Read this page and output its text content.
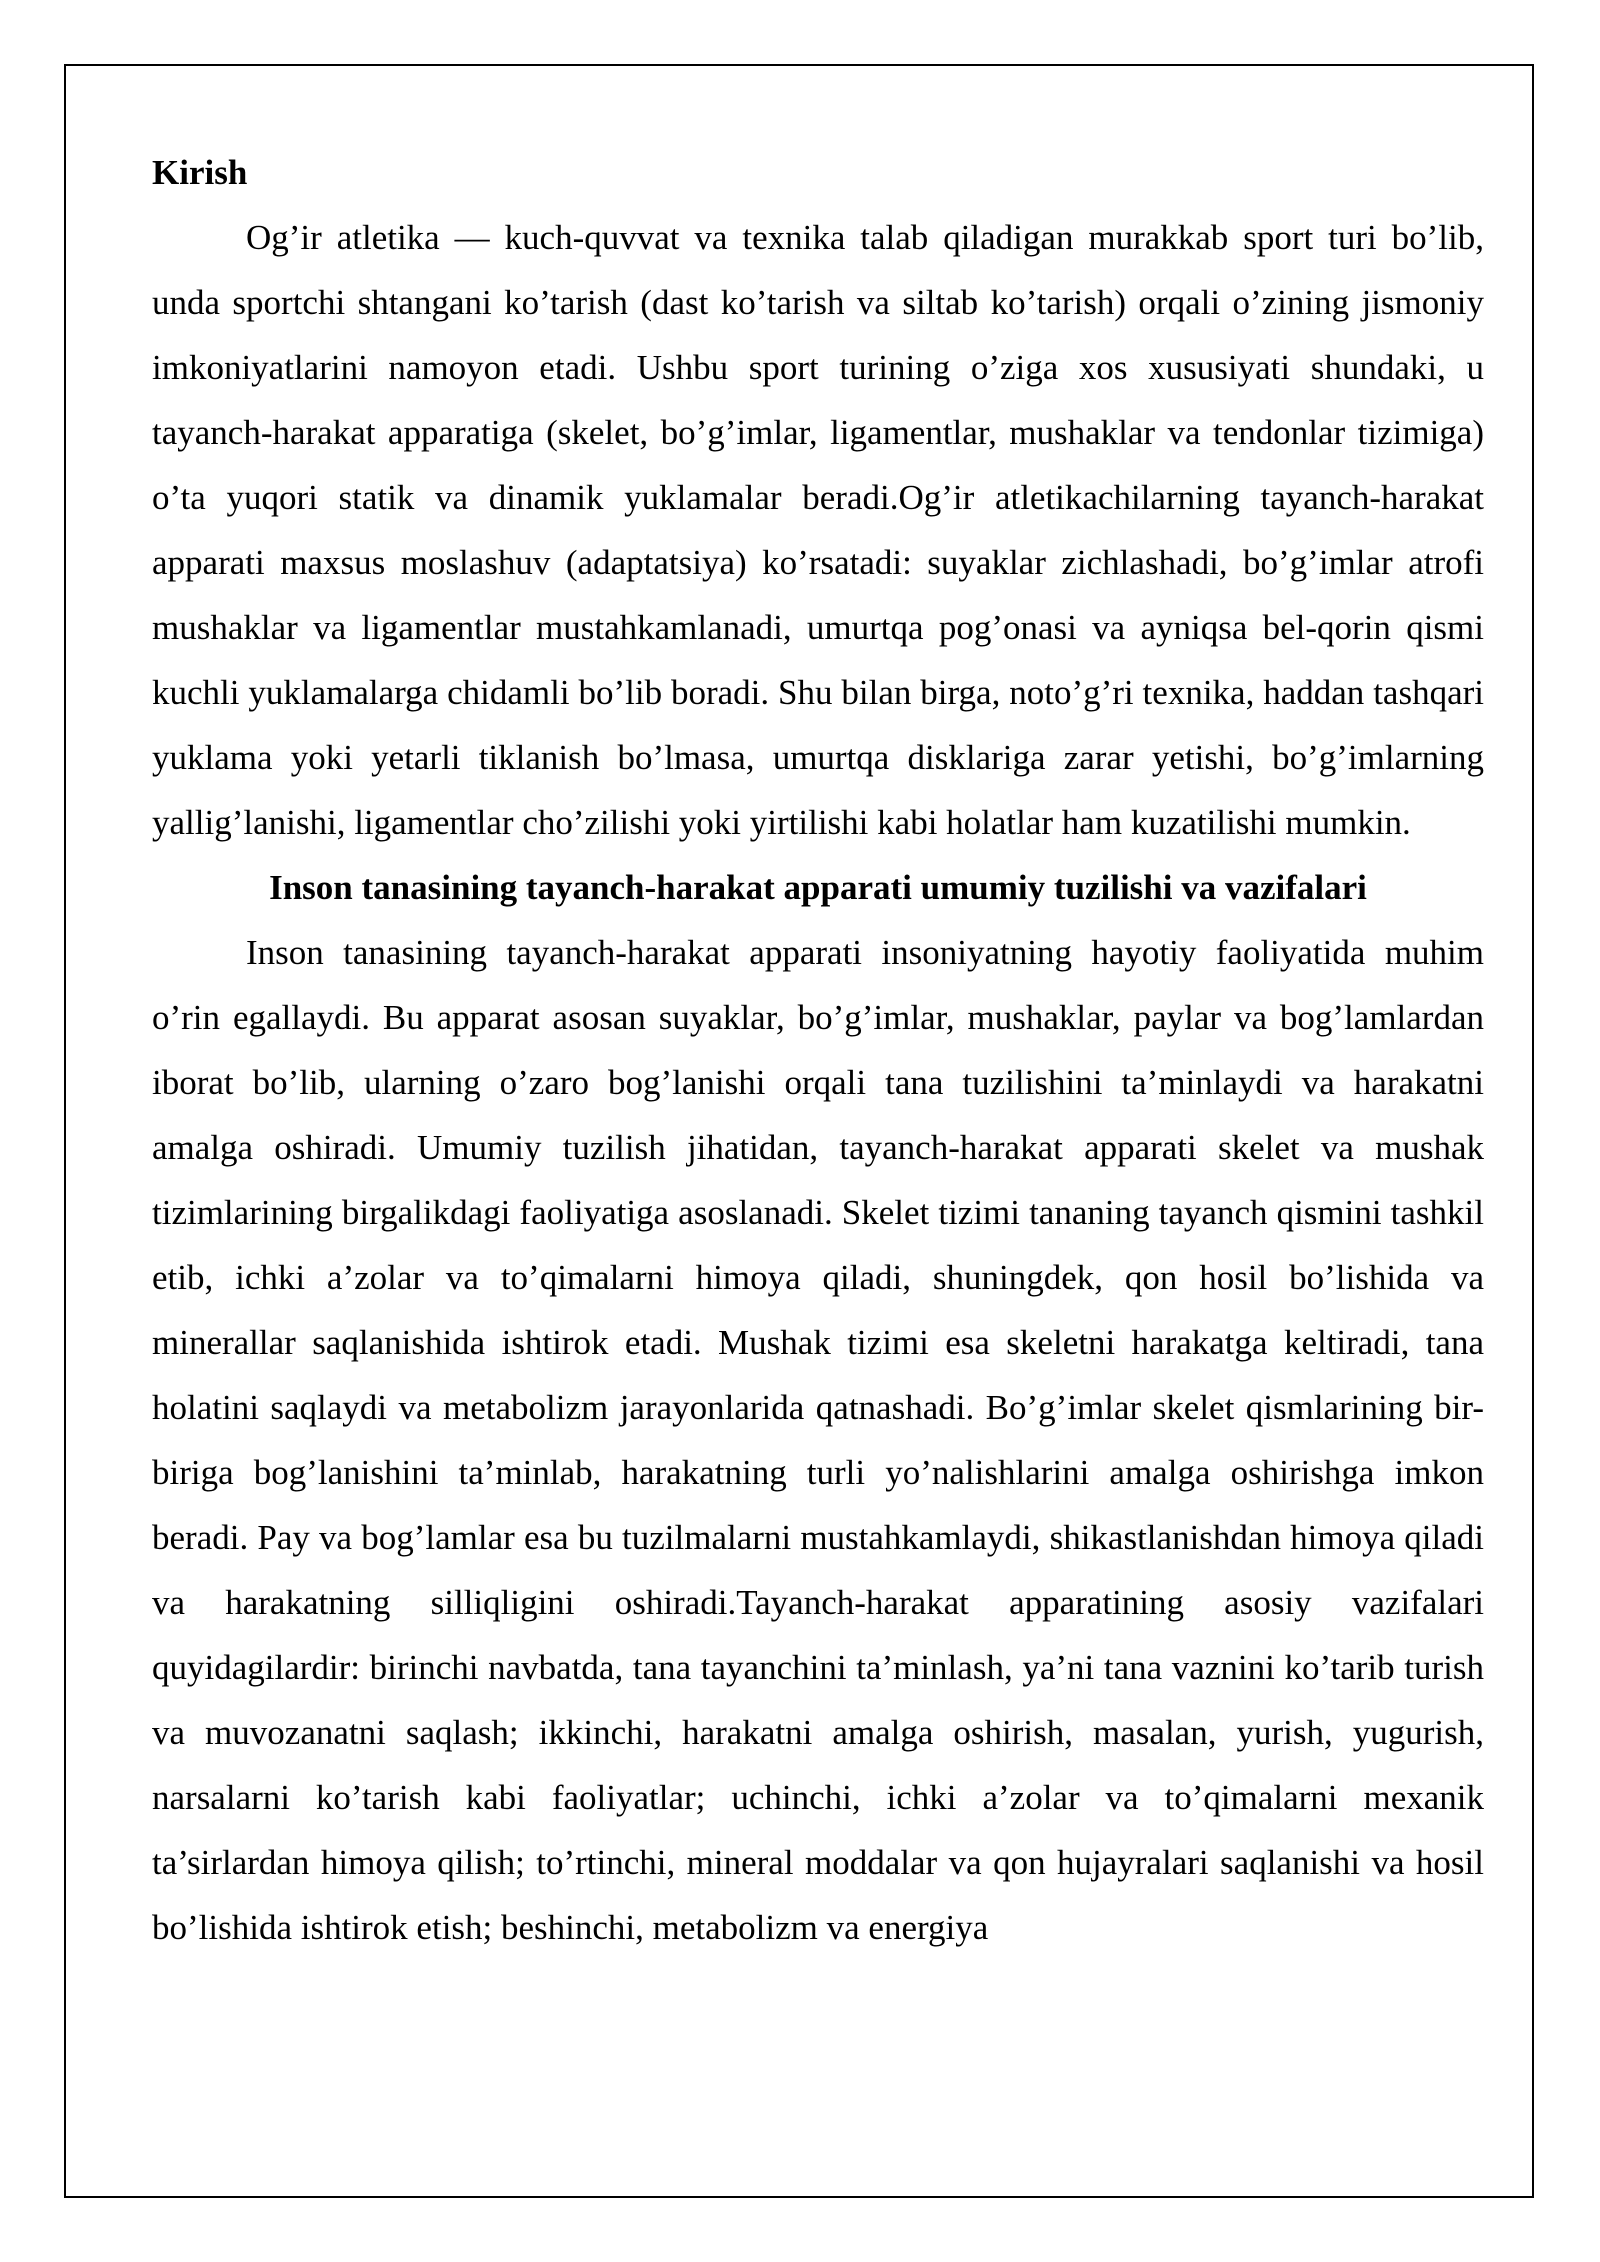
Kirish

Og’ir atletika — kuch-quvvat va texnika talab qiladigan murakkab sport turi bo’lib, unda sportchi shtangani ko’tarish (dast ko’tarish va siltab ko’tarish) orqali o’zining jismoniy imkoniyatlarini namoyon etadi. Ushbu sport turining o’ziga xos xususiyati shundaki, u tayanch-harakat apparatiga (skelet, bo’g’imlar, ligamentlar, mushaklar va tendonlar tizimiga) o’ta yuqori statik va dinamik yuklamalar beradi.Og’ir atletikachilarning tayanch-harakat apparati maxsus moslashuv (adaptatsiya) ko’rsatadi: suyaklar zichlashadi, bo’g’imlar atrofi mushaklar va ligamentlar mustahkamlanadi, umurtqa pog’onasi va ayniqsa bel-qorin qismi kuchli yuklamalarga chidamli bo’lib boradi. Shu bilan birga, noto’g’ri texnika, haddan tashqari yuklama yoki yetarli tiklanish bo’lmasa, umurtqa disklariga zarar yetishi, bo’g’imlarning yallig’lanishi, ligamentlar cho’zilishi yoki yirtilishi kabi holatlar ham kuzatilishi mumkin.

Inson tanasining tayanch-harakat apparati umumiy tuzilishi va vazifalari

Inson tanasining tayanch-harakat apparati insoniyatning hayotiy faoliyatida muhim o’rin egallaydi. Bu apparat asosan suyaklar, bo’g’imlar, mushaklar, paylar va bog’lamlardan iborat bo’lib, ularning o’zaro bog’lanishi orqali tana tuzilishini ta’minlaydi va harakatni amalga oshiradi. Umumiy tuzilish jihatidan, tayanch-harakat apparati skelet va mushak tizimlarining birgalikdagi faoliyatiga asoslanadi. Skelet tizimi tananing tayanch qismini tashkil etib, ichki a’zolar va to’qimalarni himoya qiladi, shuningdek, qon hosil bo’lishida va minerallar saqlanishida ishtirok etadi. Mushak tizimi esa skeletni harakatga keltiradi, tana holatini saqlaydi va metabolizm jarayonlarida qatnashadi. Bo’g’imlar skelet qismlarining bir-biriga bog’lanishini ta’minlab, harakatning turli yo’nalishlarini amalga oshirishga imkon beradi. Pay va bog’lamlar esa bu tuzilmalarni mustahkamlaydi, shikastlanishdan himoya qiladi va harakatning silliqligini oshiradi.Tayanch-harakat apparatining asosiy vazifalari quyidagilardir: birinchi navbatda, tana tayanchini ta’minlash, ya’ni tana vaznini ko’tarib turish va muvozanatni saqlash; ikkinchi, harakatni amalga oshirish, masalan, yurish, yugurish, narsalarni ko’tarish kabi faoliyatlar; uchinchi, ichki a’zolar va to’qimalarni mexanik ta’sirlardan himoya qilish; to’rtinchi, mineral moddalar va qon hujayralari saqlanishi va hosil bo’lishida ishtirok etish; beshinchi, metabolizm va energiya
